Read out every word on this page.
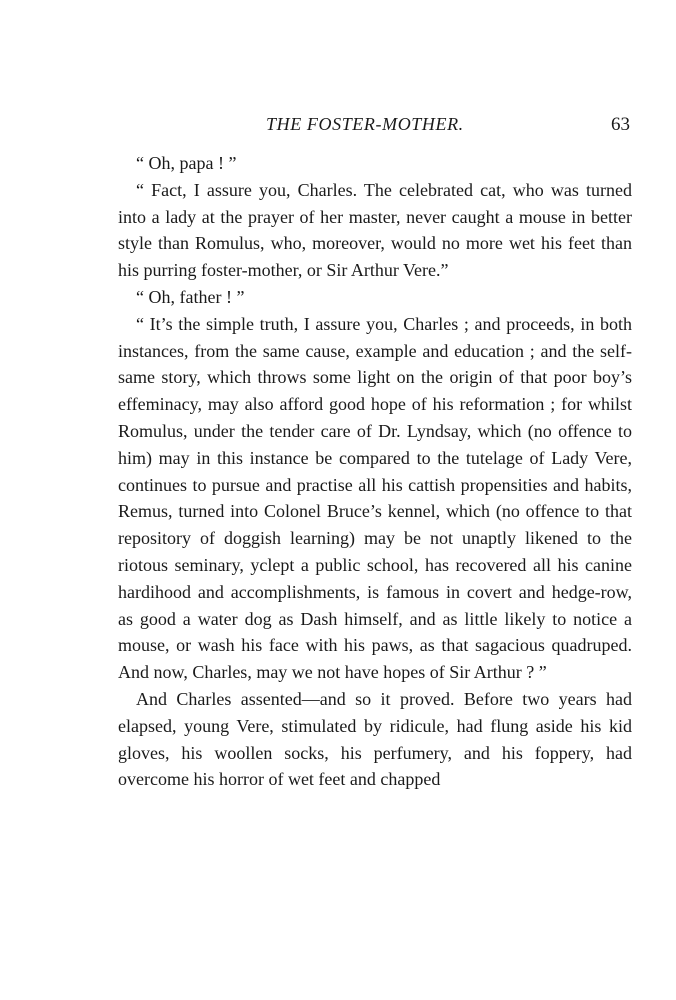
THE FOSTER-MOTHER.	63

“ Oh, papa ! ”

“ Fact, I assure you, Charles. The celebrated cat, who was turned into a lady at the prayer of her master, never caught a mouse in better style than Romulus, who, moreover, would no more wet his feet than his purring foster-mother, or Sir Arthur Vere.”

“ Oh, father ! ”

“ It’s the simple truth, I assure you, Charles ; and proceeds, in both instances, from the same cause, example and education ; and the self-same story, which throws some light on the origin of that poor boy’s effeminacy, may also afford good hope of his reformation ; for whilst Romulus, under the tender care of Dr. Lyndsay, which (no offence to him) may in this instance be compared to the tutelage of Lady Vere, continues to pursue and practise all his cattish propensities and habits, Remus, turned into Colonel Bruce’s kennel, which (no offence to that repository of doggish learning) may be not unaptly likened to the riotous seminary, yclept a public school, has recovered all his canine hardihood and accomplishments, is famous in covert and hedge-row, as good a water dog as Dash himself, and as little likely to notice a mouse, or wash his face with his paws, as that sagacious quadruped. And now, Charles, may we not have hopes of Sir Arthur ? ”

And Charles assented—and so it proved. Before two years had elapsed, young Vere, stimulated by ridicule, had flung aside his kid gloves, his woollen socks, his perfumery, and his foppery, had overcome his horror of wet feet and chapped
